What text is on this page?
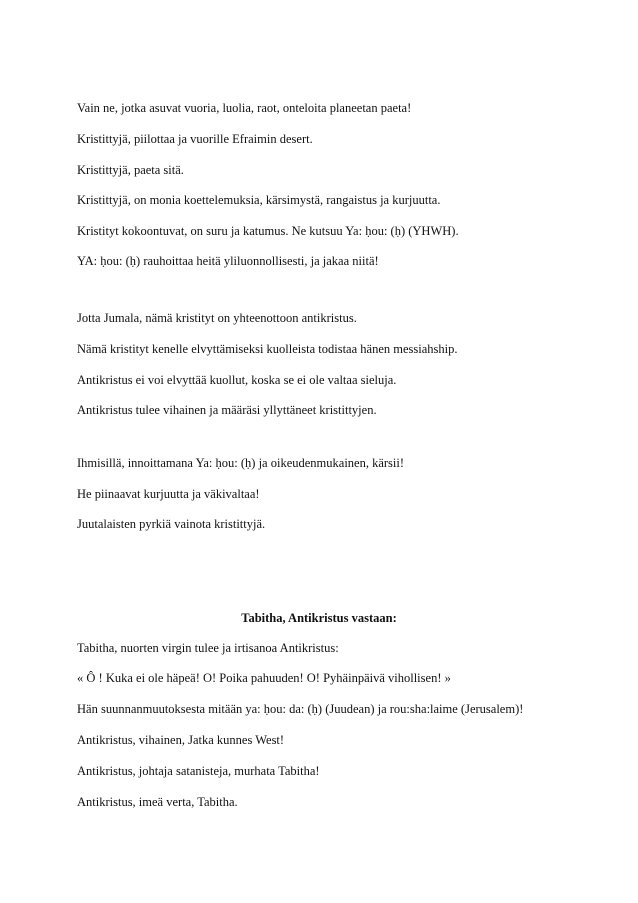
Vain ne, jotka asuvat vuoria, luolia, raot, onteloita planeetan paeta!
Kristittyjä, piilottaa ja vuorille Efraimin desert.
Kristittyjä, paeta sitä.
Kristittyjä, on monia koettelemuksia, kärsimystä, rangaistus ja kurjuutta.
Kristityt kokoontuvat, on suru ja katumus. Ne kutsuu Ya: ḥou: (ḥ) (YHWH).
YA: ḥou: (ḥ) rauhoittaa heitä yliluonnollisesti, ja jakaa niitä!
Jotta Jumala, nämä kristityt on yhteenottoon antikristus.
Nämä kristityt kenelle elvyttämiseksi kuolleista todistaa hänen messiahship.
Antikristus ei voi elvyttää kuollut, koska se ei ole valtaa sieluja.
Antikristus tulee vihainen ja määräsi yllyttäneet kristittyjen.
Ihmisillä, innoittamana Ya: ḥou: (ḥ) ja oikeudenmukainen, kärsii!
He piinaavat kurjuutta ja väkivaltaa!
Juutalaisten pyrkiä vainota kristittyjä.
Tabitha, Antikristus vastaan:
Tabitha, nuorten virgin tulee ja irtisanoa Antikristus:
« Ô ! Kuka ei ole häpeä! O! Poika pahuuden! O! Pyhäinpäivä vihollisen! »
Hän suunnanmuutoksesta mitään ya: ḥou: da: (ḥ) (Juudean) ja rou:sha:laime (Jerusalem)!
Antikristus, vihainen, Jatka kunnes West!
Antikristus, johtaja satanisteja, murhata Tabitha!
Antikristus, imeä verta, Tabitha.
